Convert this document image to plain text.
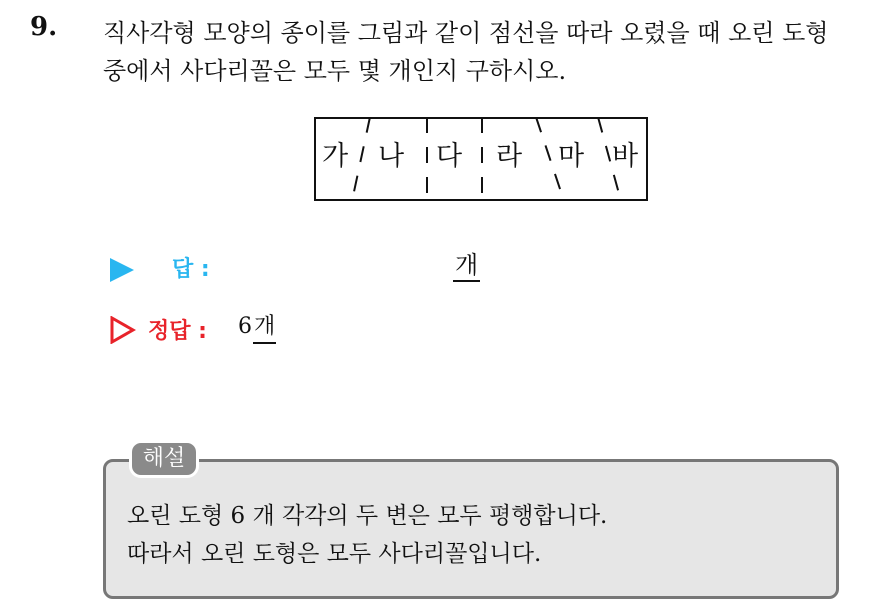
9. 직사각형 모양의 종이를 그림과 같이 점선을 따라 오렸을 때 오린 도형
중에서 사다리꼴은 모두 몇 개인지 구하시오.
가 나 다 라 마 바
답 :	개
정답 : 6 개
해설
오린 도형 6 개 각각의 두 변은 모두 평행합니다.
따라서 오린 도형은 모두 사다리꼴입니다.
